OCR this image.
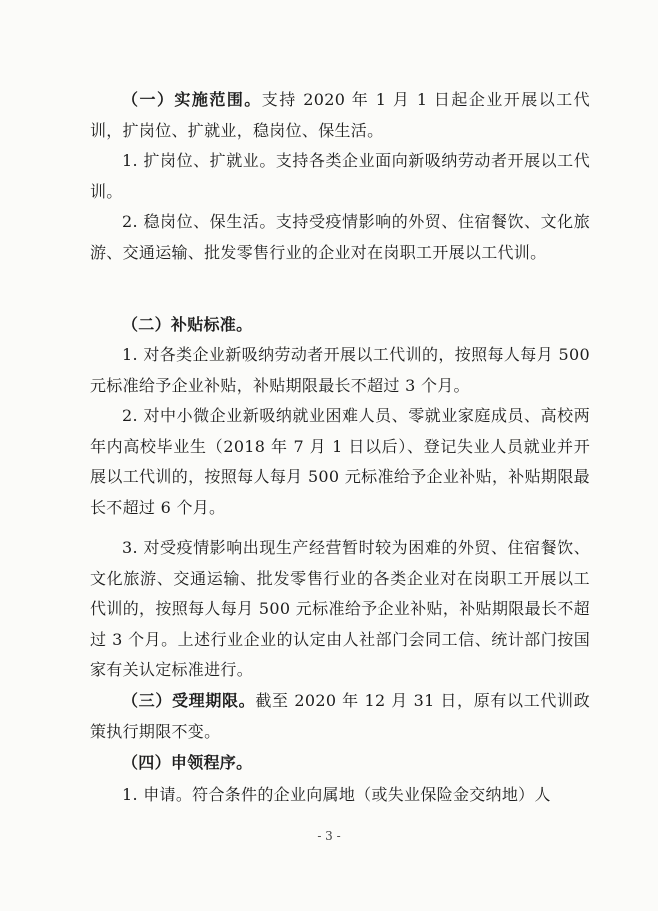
（一）实施范围。支持 2020 年 1 月 1 日起企业开展以工代训，扩岗位、扩就业，稳岗位、保生活。

1. 扩岗位、扩就业。支持各类企业面向新吸纳劳动者开展以工代训。

2. 稳岗位、保生活。支持受疫情影响的外贸、住宿餐饮、文化旅游、交通运输、批发零售行业的企业对在岗职工开展以工代训。

（二）补贴标准。

1. 对各类企业新吸纳劳动者开展以工代训的，按照每人每月 500 元标准给予企业补贴，补贴期限最长不超过 3 个月。

2. 对中小微企业新吸纳就业困难人员、零就业家庭成员、高校两年内高校毕业生（2018 年 7 月 1 日以后）、登记失业人员就业并开展以工代训的，按照每人每月 500 元标准给予企业补贴，补贴期限最长不超过 6 个月。

3. 对受疫情影响出现生产经营暂时较为困难的外贸、住宿餐饮、文化旅游、交通运输、批发零售行业的各类企业对在岗职工开展以工代训的，按照每人每月 500 元标准给予企业补贴，补贴期限最长不超过 3 个月。上述行业企业的认定由人社部门会同工信、统计部门按国家有关认定标准进行。

（三）受理期限。截至 2020 年 12 月 31 日，原有以工代训政策执行期限不变。

（四）申领程序。

1. 申请。符合条件的企业向属地（或失业保险金交纳地）人

- 3 -
